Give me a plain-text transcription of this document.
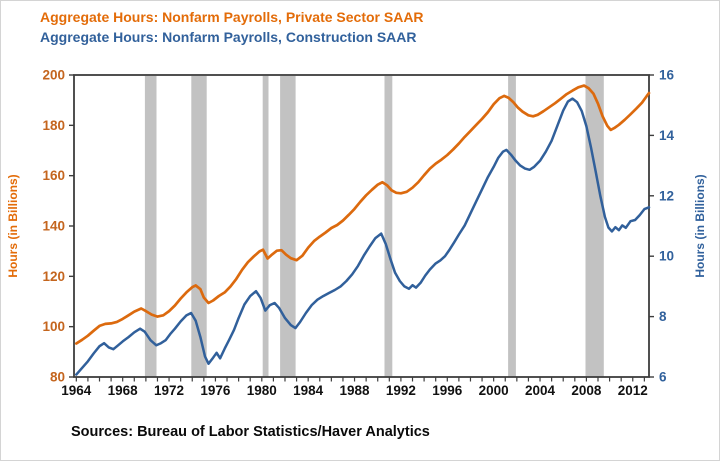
Aggregate Hours: Nonfarm Payrolls, Private Sector SAAR
Aggregate Hours: Nonfarm Payrolls, Construction SAAR
80
100
120
140
160
180
200
6
8
10
12
14
16
1964 1968 1972 1976 1980 1984 1988 1992 1996 2000 2004 2008 2012
Hours (in Billions)	Hours (in Billions)
Sources: Bureau of Labor Statistics/Haver Analytics
